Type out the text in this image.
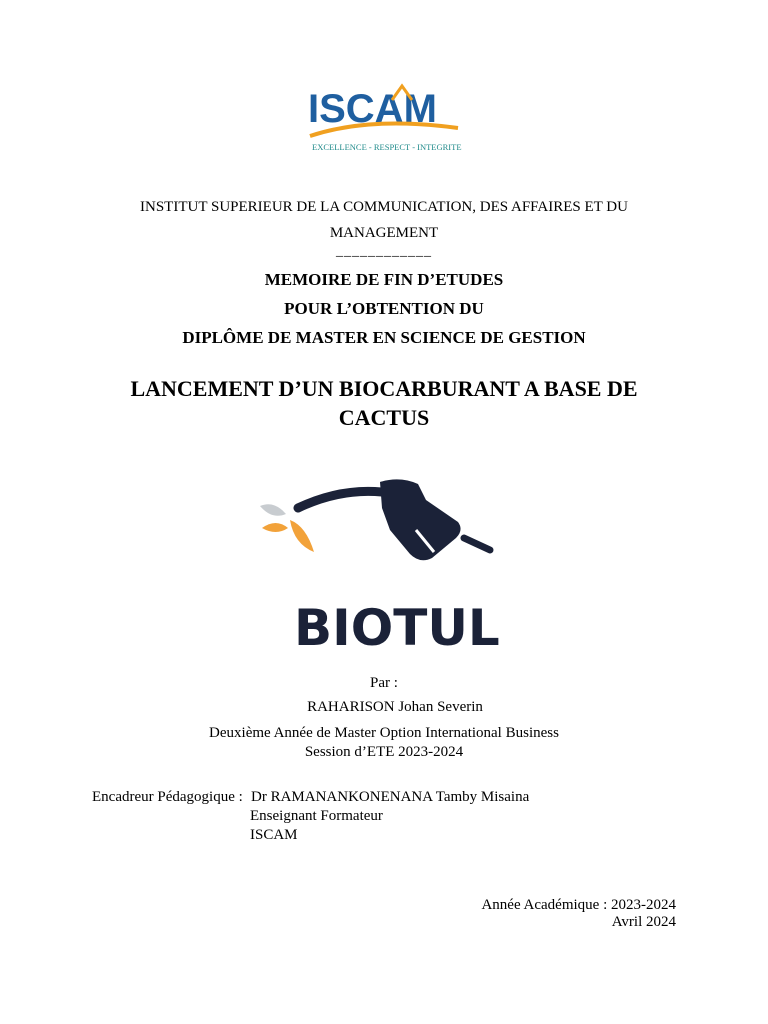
ISCAM
EXCELLENCE - RESPECT - INTEGRITE
INSTITUT SUPERIEUR DE LA COMMUNICATION, DES AFFAIRES ET DU MANAGEMENT
____________
MEMOIRE DE FIN D’ETUDES
POUR L’OBTENTION DU
DIPLÔME DE MASTER EN SCIENCE DE GESTION
LANCEMENT D’UN BIOCARBURANT A BASE DE CACTUS
BIOTUL
Par :
RAHARISON Johan Severin
Deuxième Année de Master Option International Business
Session d’ETE 2023-2024
Encadreur Pédagogique : Dr RAMANANKONENANA Tamby Misaina
Enseignant Formateur
ISCAM
Année Académique : 2023-2024
Avril 2024
